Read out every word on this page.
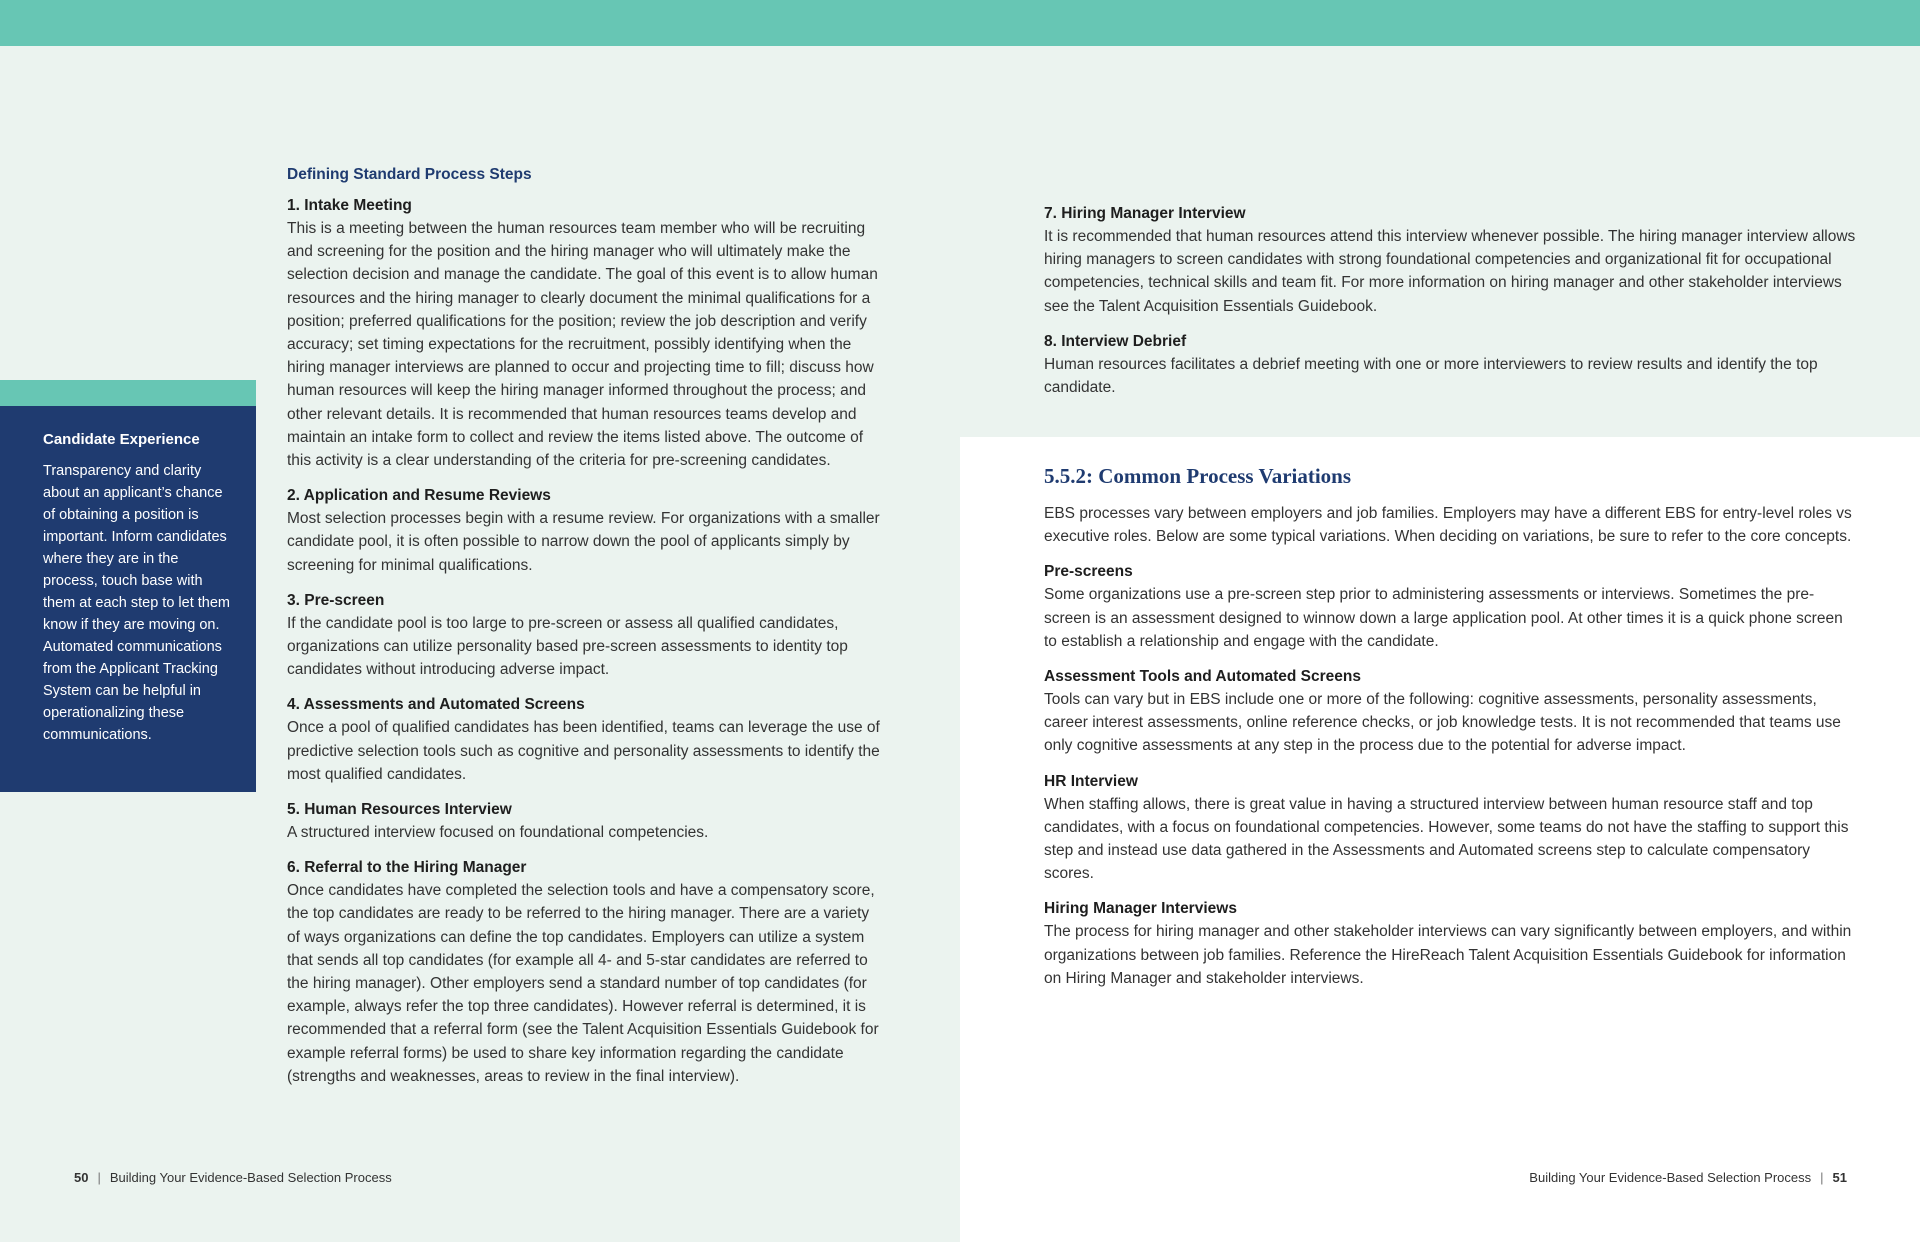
Candidate Experience

Transparency and clarity about an applicant’s chance of obtaining a position is important. Inform candidates where they are in the process, touch base with them at each step to let them know if they are moving on. Automated communications from the Applicant Tracking System can be helpful in operationalizing these communications.

Defining Standard Process Steps

1. Intake Meeting

This is a meeting between the human resources team member who will be recruiting and screening for the position and the hiring manager who will ultimately make the selection decision and manage the candidate. The goal of this event is to allow human resources and the hiring manager to clearly document the minimal qualifications for a position; preferred qualifications for the position; review the job description and verify accuracy; set timing expectations for the recruitment, possibly identifying when the hiring manager interviews are planned to occur and projecting time to fill; discuss how human resources will keep the hiring manager informed throughout the process; and other relevant details. It is recommended that human resources teams develop and maintain an intake form to collect and review the items listed above. The outcome of this activity is a clear understanding of the criteria for pre-screening candidates.

2. Application and Resume Reviews

Most selection processes begin with a resume review. For organizations with a smaller candidate pool, it is often possible to narrow down the pool of applicants simply by screening for minimal qualifications.

3. Pre-screen

If the candidate pool is too large to pre-screen or assess all qualified candidates, organizations can utilize personality based pre-screen assessments to identity top candidates without introducing adverse impact.

4. Assessments and Automated Screens

Once a pool of qualified candidates has been identified, teams can leverage the use of predictive selection tools such as cognitive and personality assessments to identify the most qualified candidates.

5. Human Resources Interview

A structured interview focused on foundational competencies.

6. Referral to the Hiring Manager

Once candidates have completed the selection tools and have a compensatory score, the top candidates are ready to be referred to the hiring manager. There are a variety of ways organizations can define the top candidates. Employers can utilize a system that sends all top candidates (for example all 4- and 5-star candidates are referred to the hiring manager). Other employers send a standard number of top candidates (for example, always refer the top three candidates). However referral is determined, it is recommended that a referral form (see the Talent Acquisition Essentials Guidebook for example referral forms) be used to share key information regarding the candidate (strengths and weaknesses, areas to review in the final interview).

7. Hiring Manager Interview

It is recommended that human resources attend this interview whenever possible. The hiring manager interview allows hiring managers to screen candidates with strong foundational competencies and organizational fit for occupational competencies, technical skills and team fit. For more information on hiring manager and other stakeholder interviews see the Talent Acquisition Essentials Guidebook.

8. Interview Debrief

Human resources facilitates a debrief meeting with one or more interviewers to review results and identify the top candidate.

5.5.2: Common Process Variations

EBS processes vary between employers and job families. Employers may have a different EBS for entry-level roles vs executive roles. Below are some typical variations. When deciding on variations, be sure to refer to the core concepts.

Pre-screens

Some organizations use a pre-screen step prior to administering assessments or interviews. Sometimes the pre-screen is an assessment designed to winnow down a large application pool. At other times it is a quick phone screen to establish a relationship and engage with the candidate.

Assessment Tools and Automated Screens

Tools can vary but in EBS include one or more of the following: cognitive assessments, personality assessments, career interest assessments, online reference checks, or job knowledge tests. It is not recommended that teams use only cognitive assessments at any step in the process due to the potential for adverse impact.

HR Interview

When staffing allows, there is great value in having a structured interview between human resource staff and top candidates, with a focus on foundational competencies. However, some teams do not have the staffing to support this step and instead use data gathered in the Assessments and Automated screens step to calculate compensatory scores.

Hiring Manager Interviews

The process for hiring manager and other stakeholder interviews can vary significantly between employers, and within organizations between job families. Reference the HireReach Talent Acquisition Essentials Guidebook for information on Hiring Manager and stakeholder interviews.

50 | Building Your Evidence-Based Selection Process	Building Your Evidence-Based Selection Process | 51
